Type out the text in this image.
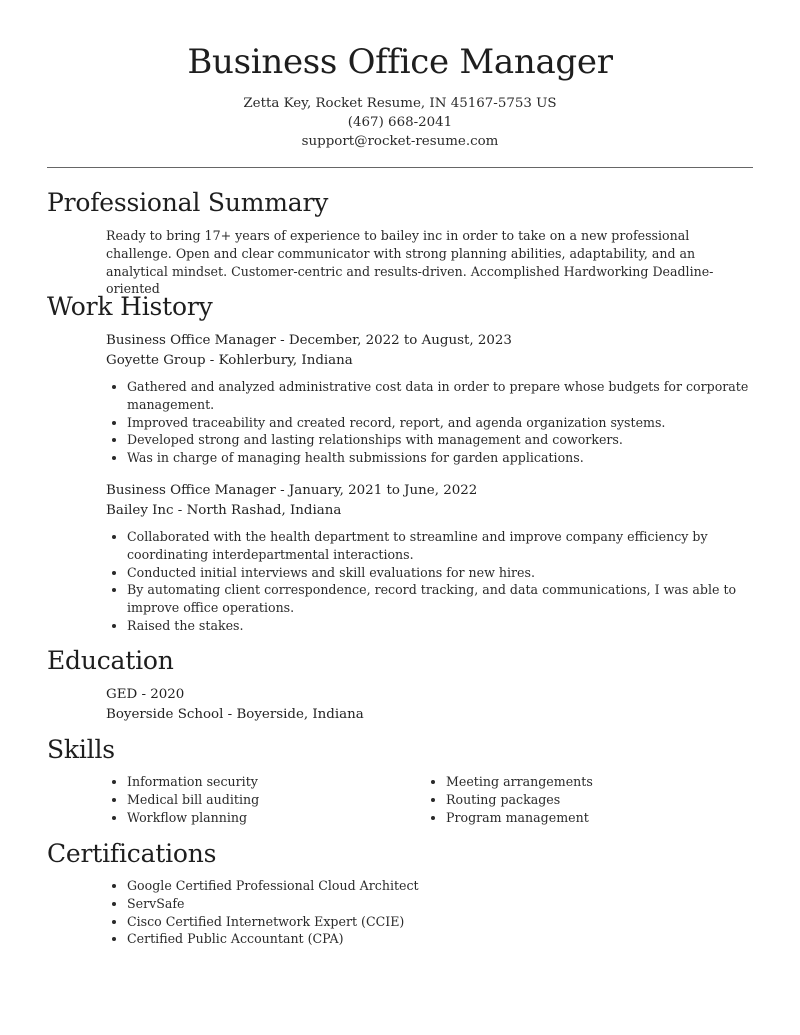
Business Office Manager
Zetta Key, Rocket Resume, IN 45167-5753 US
(467) 668-2041
support@rocket-resume.com
Professional Summary
Ready to bring 17+ years of experience to bailey inc in order to take on a new professional challenge. Open and clear communicator with strong planning abilities, adaptability, and an analytical mindset. Customer-centric and results-driven. Accomplished Hardworking Deadline-oriented
Work History
Business Office Manager - December, 2022 to August, 2023
Goyette Group - Kohlerbury, Indiana
• Gathered and analyzed administrative cost data in order to prepare whose budgets for corporate management.
• Improved traceability and created record, report, and agenda organization systems.
• Developed strong and lasting relationships with management and coworkers.
• Was in charge of managing health submissions for garden applications.
Business Office Manager - January, 2021 to June, 2022
Bailey Inc - North Rashad, Indiana
• Collaborated with the health department to streamline and improve company efficiency by coordinating interdepartmental interactions.
• Conducted initial interviews and skill evaluations for new hires.
• By automating client correspondence, record tracking, and data communications, I was able to improve office operations.
• Raised the stakes.
Education
GED - 2020
Boyerside School - Boyerside, Indiana
Skills
• Information security
• Medical bill auditing
• Workflow planning
• Meeting arrangements
• Routing packages
• Program management
Certifications
• Google Certified Professional Cloud Architect
• ServSafe
• Cisco Certified Internetwork Expert (CCIE)
• Certified Public Accountant (CPA)
